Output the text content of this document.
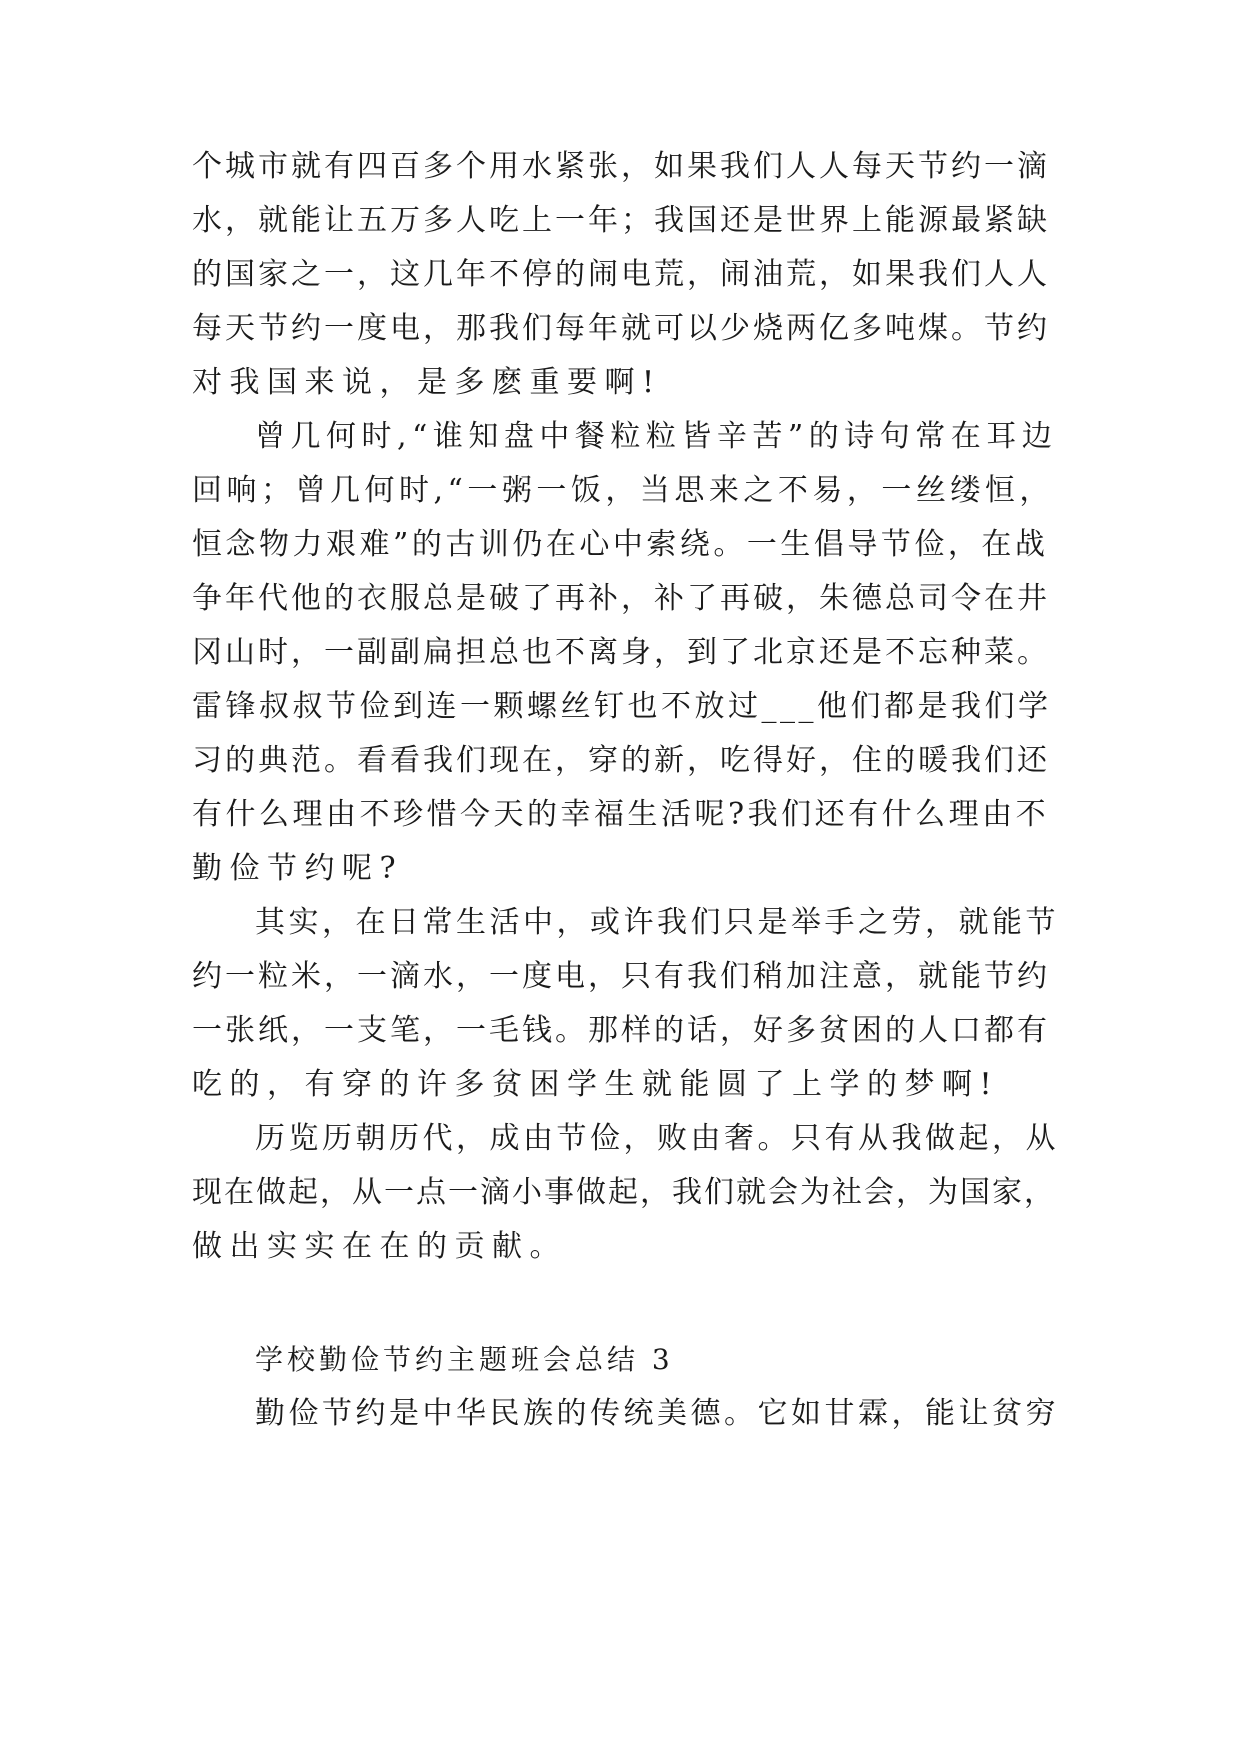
个城市就有四百多个用水紧张，如果我们人人每天节约一滴
水，就能让五万多人吃上一年；我国还是世界上能源最紧缺
的国家之一，这几年不停的闹电荒，闹油荒，如果我们人人
每天节约一度电，那我们每年就可以少烧两亿多吨煤。节约
对我国来说，是多麽重要啊!
曾几何时,“谁知盘中餐粒粒皆辛苦”的诗句常在耳边
回响；曾几何时,“一粥一饭，当思来之不易，一丝缕恒，
恒念物力艰难”的古训仍在心中索绕。一生倡导节俭，在战
争年代他的衣服总是破了再补，补了再破，朱德总司令在井
冈山时，一副副扁担总也不离身，到了北京还是不忘种菜。
雷锋叔叔节俭到连一颗螺丝钉也不放过___他们都是我们学
习的典范。看看我们现在，穿的新，吃得好，住的暖我们还
有什么理由不珍惜今天的幸福生活呢?我们还有什么理由不
勤俭节约呢?
其实，在日常生活中，或许我们只是举手之劳，就能节
约一粒米，一滴水，一度电，只有我们稍加注意，就能节约
一张纸，一支笔，一毛钱。那样的话，好多贫困的人口都有
吃的，有穿的许多贫困学生就能圆了上学的梦啊!
历览历朝历代，成由节俭，败由奢。只有从我做起，从
现在做起，从一点一滴小事做起，我们就会为社会，为国家，
做出实实在在的贡献。
学校勤俭节约主题班会总结 3
勤俭节约是中华民族的传统美德。它如甘霖，能让贫穷
